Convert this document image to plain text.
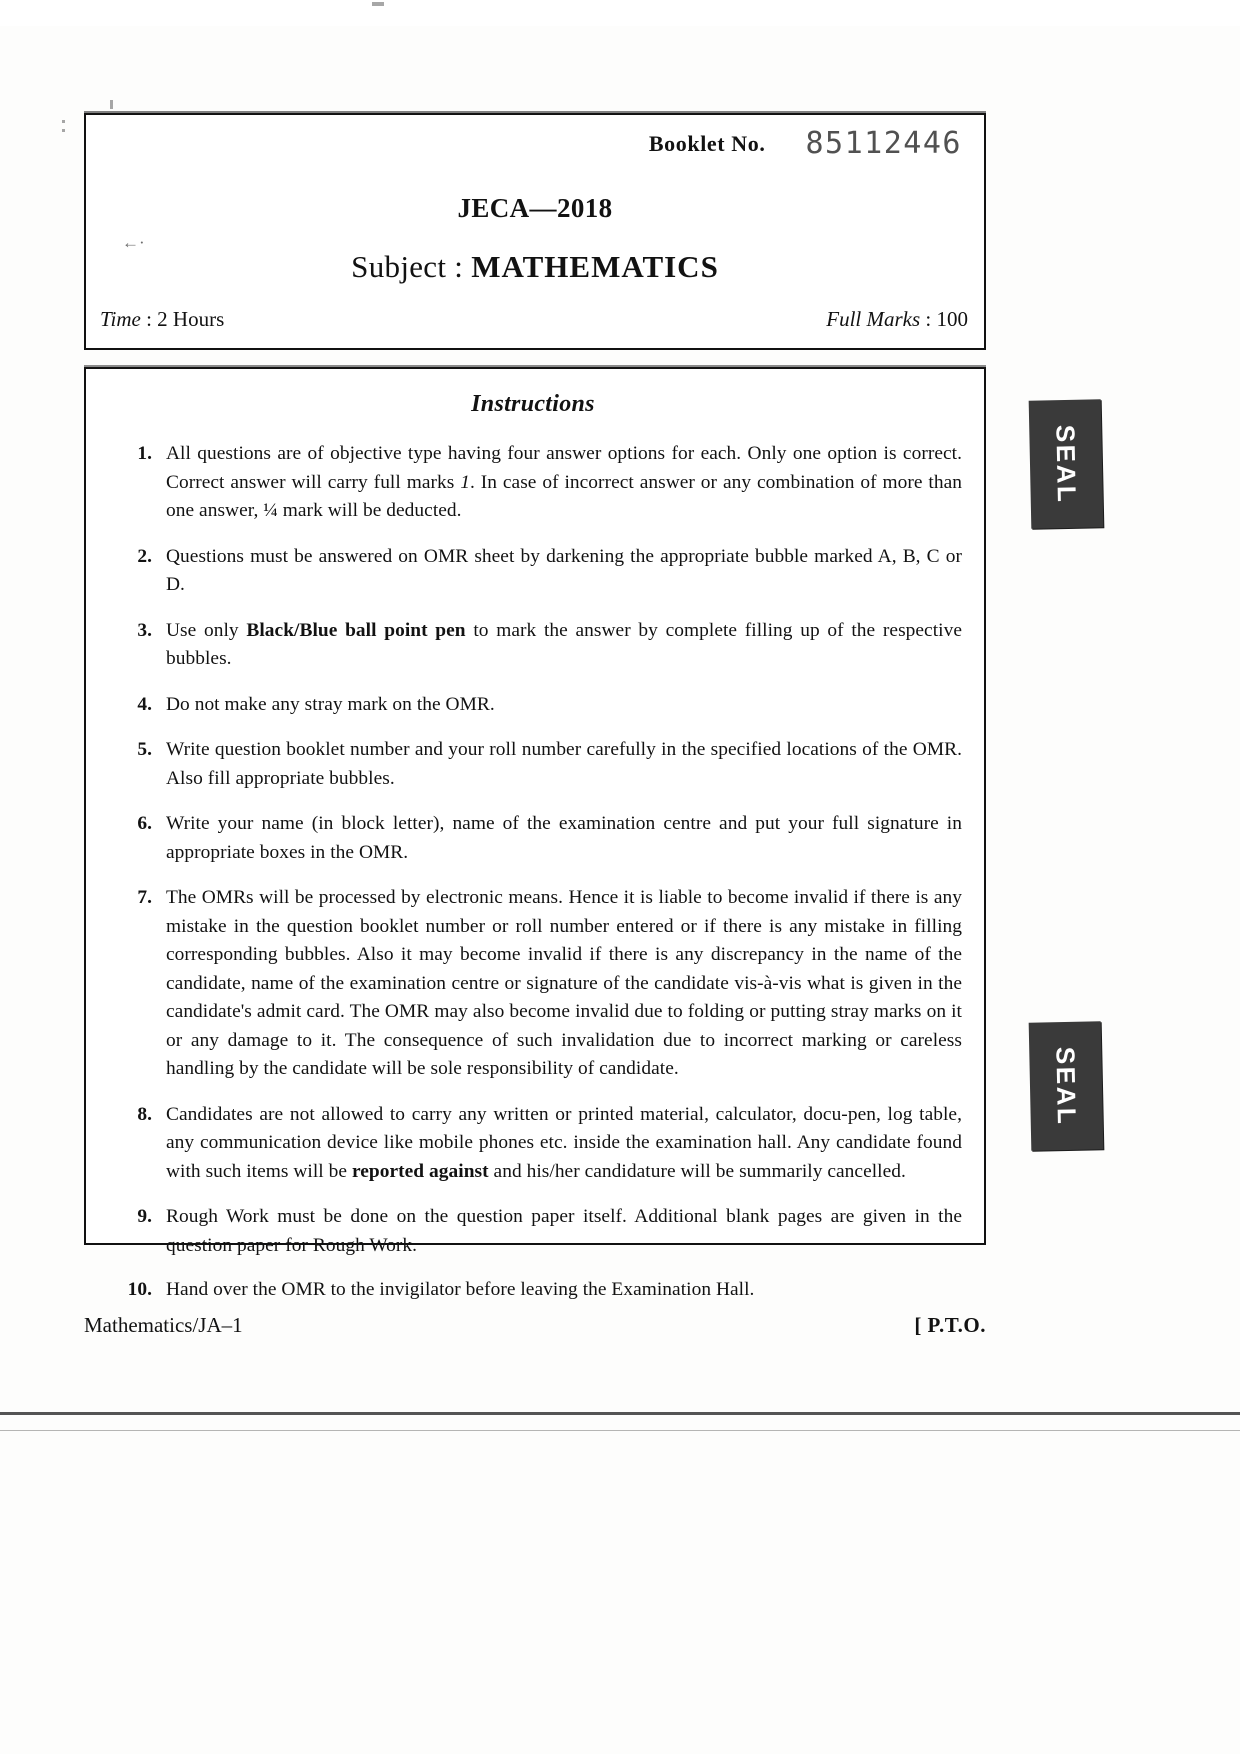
Booklet No. 85112446
JECA—2018
Subject : MATHEMATICS
Time : 2 Hours	Full Marks : 100
←·
Instructions
1. All questions are of objective type having four answer options for each. Only one option is correct. Correct answer will carry full marks 1. In case of incorrect answer or any combination of more than one answer, ¼ mark will be deducted.
2. Questions must be answered on OMR sheet by darkening the appropriate bubble marked A, B, C or D.
3. Use only Black/Blue ball point pen to mark the answer by complete filling up of the respective bubbles.
4. Do not make any stray mark on the OMR.
5. Write question booklet number and your roll number carefully in the specified locations of the OMR. Also fill appropriate bubbles.
6. Write your name (in block letter), name of the examination centre and put your full signature in appropriate boxes in the OMR.
7. The OMRs will be processed by electronic means. Hence it is liable to become invalid if there is any mistake in the question booklet number or roll number entered or if there is any mistake in filling corresponding bubbles. Also it may become invalid if there is any discrepancy in the name of the candidate, name of the examination centre or signature of the candidate vis-à-vis what is given in the candidate's admit card. The OMR may also become invalid due to folding or putting stray marks on it or any damage to it. The consequence of such invalidation due to incorrect marking or careless handling by the candidate will be sole responsibility of candidate.
8. Candidates are not allowed to carry any written or printed material, calculator, docu-pen, log table, any communication device like mobile phones etc. inside the examination hall. Any candidate found with such items will be reported against and his/her candidature will be summarily cancelled.
9. Rough Work must be done on the question paper itself. Additional blank pages are given in the question paper for Rough Work.
10. Hand over the OMR to the invigilator before leaving the Examination Hall.
Mathematics/JA–1	[ P.T.O.
SEAL
SEAL
